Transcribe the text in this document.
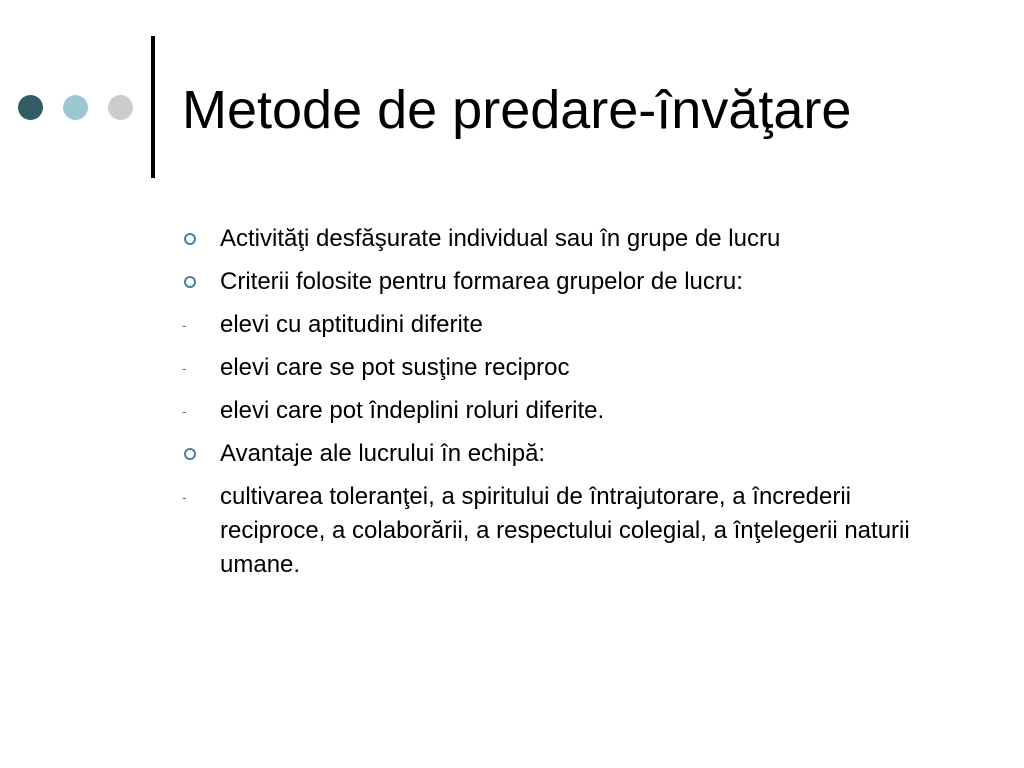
Metode de predare-învăţare
Activităţi desfăşurate individual sau în grupe de lucru
Criterii folosite pentru formarea grupelor de lucru:
- elevi cu aptitudini diferite
- elevi care se pot susţine reciproc
- elevi care pot îndeplini roluri diferite.
Avantaje ale lucrului în echipă:
- cultivarea toleranţei, a spiritului de întrajutorare, a încrederii reciproce, a colaborării, a respectului colegial, a înţelegerii naturii umane.
